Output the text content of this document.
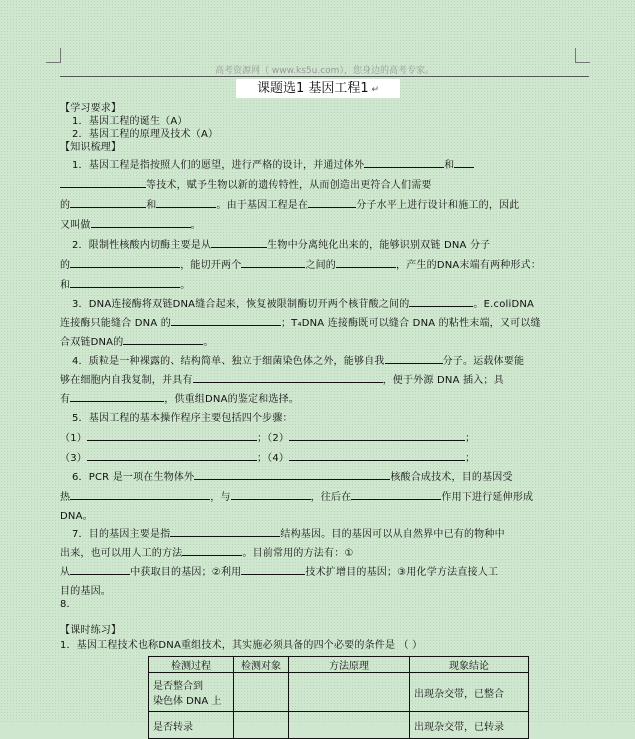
高考资源网（ www.ks5u.com），您身边的高考专家。
课题选1 基因工程1 ↵
【学习要求】
1．基因工程的诞生（A）
2．基因工程的原理及技术（A）
【知识梳理】
1．基因工程是指按照人们的愿望，进行严格的设计，并通过体外	和
等技术，赋予生物以新的遗传特性，从而创造出更符合人们需要
的	和	。由于基因工程是在	分子水平上进行设计和施工的，因此
又叫做	。
2．限制性核酸内切酶主要是从	生物中分离纯化出来的，能够识别双链 DNA 分子
的	，能切开两个	之间的	，产生的DNA末端有两种形式：
和	。
3．DNA连接酶将双链DNA缝合起来，恢复被限制酶切开两个核苷酸之间的	。E.coliDNA
连接酶只能缝合 DNA 的	；T₄DNA 连接酶既可以缝合 DNA 的粘性末端，又可以缝
合双链DNA的	。
4．质粒是一种裸露的、结构简单、独立于细菌染色体之外，能够自我	分子。运载体要能
够在细胞内自我复制，并具有	，便于外源 DNA 插入；具
有	，供重组DNA的鉴定和选择。
5．基因工程的基本操作程序主要包括四个步骤：
（1）	；（2）	；
（3）	；（4）	；
6．PCR 是一项在生物体外	核酸合成技术，目的基因受
热	，与	，往后在	作用下进行延伸形成
DNA。
7．目的基因主要是指	结构基因。目的基因可以从自然界中已有的物种中
出来，也可以用人工的方法	。目前常用的方法有：①
从	中获取目的基因；②利用	技术扩增目的基因；③用化学方法直接人工
目的基因。
8．
【课时练习】
1．基因工程技术也称DNA重组技术，其实施必须具备的四个必要的条件是 （ ）
检测过程	检测对象	方法原理	现象结论
是否整合到
染色体 DNA 上			出现杂交带，已整合
是否转录			出现杂交带，已转录
